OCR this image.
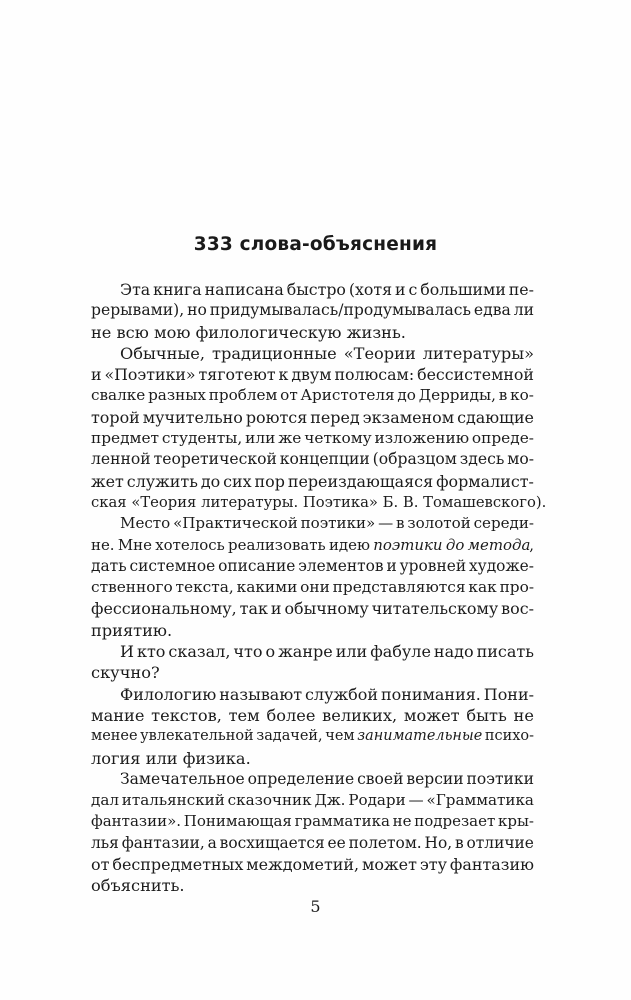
333 слова-объяснения
Эта книга написана быстро (хотя и с большими пе-
рерывами), но придумывалась/продумывалась едва ли
не всю мою филологическую жизнь.
Обычные, традиционные «Теории литературы»
и «Поэтики» тяготеют к двум полюсам: бессистемной
свалке разных проблем от Аристотеля до Дерриды, в ко-
торой мучительно роются перед экзаменом сдающие
предмет студенты, или же четкому изложению опреде-
ленной теоретической концепции (образцом здесь мо-
жет служить до сих пор переиздающаяся формалист-
ская «Теория литературы. Поэтика» Б. В. Томашевского).
Место «Практической поэтики» — в золотой середи-
не. Мне хотелось реализовать идею поэтики до метода
,
дать системное описание элементов и уровней художе-
ственного текста, какими они представляются как про-
фессиональному, так и обычному читательскому вос-
приятию.
И кто сказал, что о жанре или фабуле надо писать
скучно?
Филологию называют службой понимания. Пони-
мание текстов, тем более великих, может быть не
менее увлекательной задачей, чем занимательные психо-
логия или физика.
Замечательное определение своей версии поэтики
дал итальянский сказочник Дж. Родари — «Грамматика
фантазии». Понимающая грамматика не подрезает кры-
лья фантазии, а восхищается ее полетом. Но, в отличие
от беспредметных междометий, может эту фантазию
объяснить.
5
